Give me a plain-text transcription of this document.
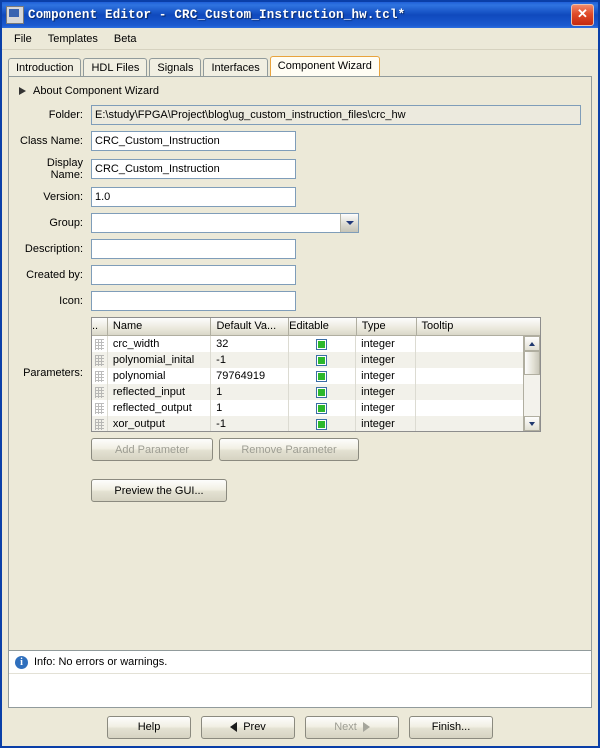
Component Editor - CRC_Custom_Instruction_hw.tcl*	✕
File	Templates	Beta
Introduction	HDL Files	Signals	Interfaces	Component Wizard
About Component Wizard
Folder:
E:\study\FPGA\Project\blog\ug_custom_instruction_files\crc_hw
Class Name:
CRC_Custom_Instruction
Display Name:
CRC_Custom_Instruction
Version:
1.0
Group:
Description:
Created by:
Icon:
Parameters:
..	Name	Default Va...	Editable	Type	Tooltip
crc_width	32	integer
polynomial_inital	-1	integer
polynomial	79764919	integer
reflected_input	1	integer
reflected_output	1	integer
xor_output	-1	integer
Add Parameter	Remove Parameter
Preview the GUI...
i	Info: No errors or warnings.
Help	Prev	Next	Finish...
